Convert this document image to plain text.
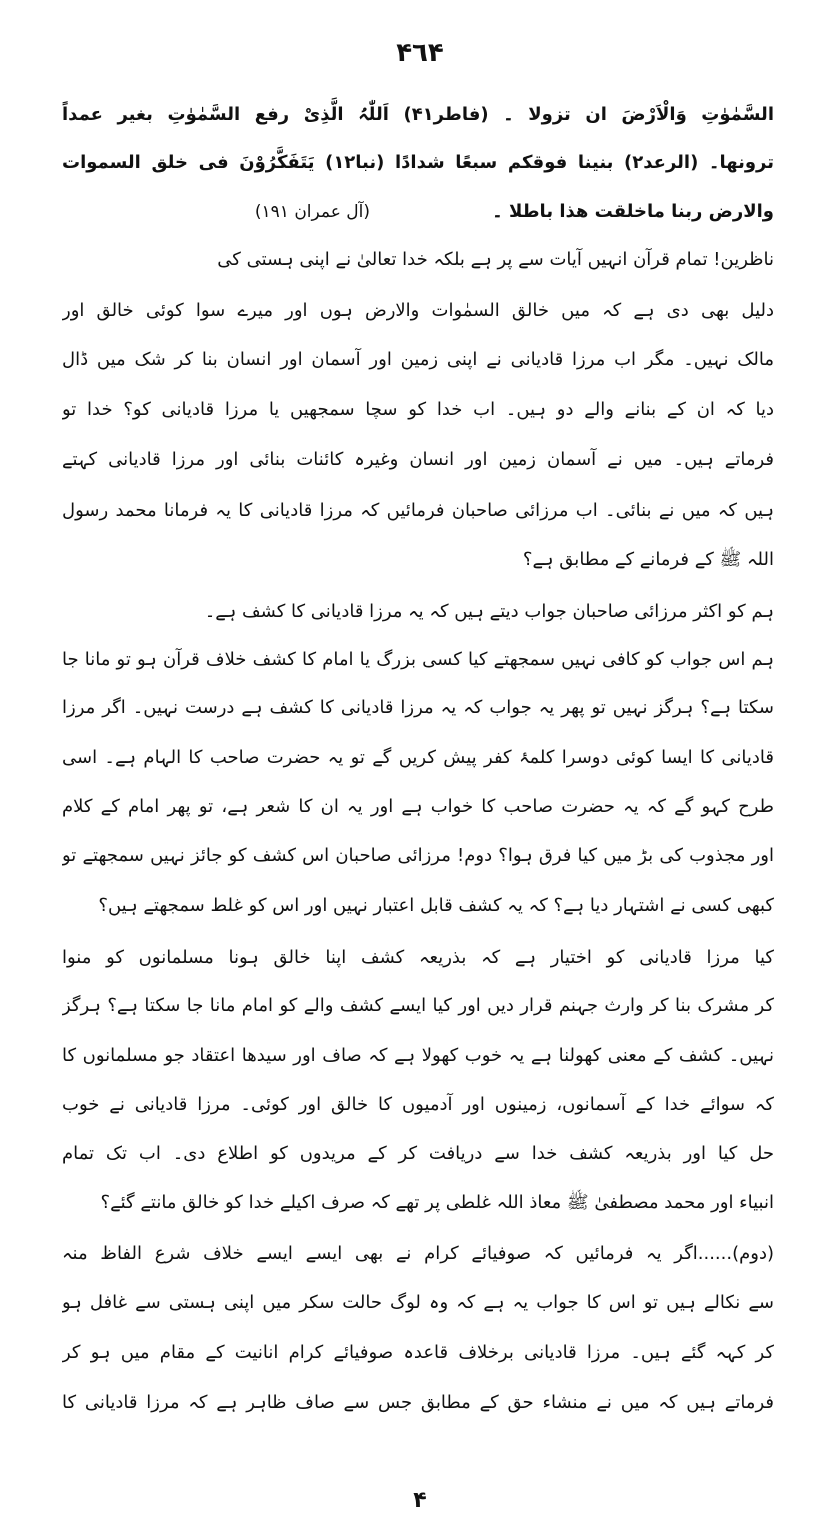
۴٦۴
السَّمٰوٰتِ وَالْاَرْضَ ان تزولا ۔ (فاطر۴۱) اَللّٰہُ الَّذِیْ رفع السَّمٰوٰتِ بغیر عمداً
ترونھا۔ (الرعد۲) بنینا فوقکم سبعًا شدادًا (نبا۱۲) یَتَفَکَّرُوْنَ فی خلق السموات
والارض ربنا ماخلقت ھذا باطلا ۔
(آل عمران ۱۹۱)
ناظرین! تمام قرآن انہیں آیات سے پر ہے بلکہ خدا تعالیٰ نے اپنی ہستی کی
دلیل بھی دی ہے کہ میں خالق السمٰوات والارض ہوں اور میرے سوا کوئی خالق اور
مالک نہیں۔ مگر اب مرزا قادیانی نے اپنی زمین اور آسمان اور انسان بنا کر شک میں ڈال
دیا کہ ان کے بنانے والے دو ہیں۔ اب خدا کو سچا سمجھیں یا مرزا قادیانی کو؟ خدا تو
فرماتے ہیں۔ میں نے آسمان زمین اور انسان وغیرہ کائنات بنائی اور مرزا قادیانی کہتے
ہیں کہ میں نے بنائی۔ اب مرزائی صاحبان فرمائیں کہ مرزا قادیانی کا یہ فرمانا محمد رسول
اللہ ﷺ کے فرمانے کے مطابق ہے؟
ہم کو اکثر مرزائی صاحبان جواب دیتے ہیں کہ یہ مرزا قادیانی کا کشف ہے۔
ہم اس جواب کو کافی نہیں سمجھتے کیا کسی بزرگ یا امام کا کشف خلاف قرآن ہو تو مانا جا
سکتا ہے؟ ہرگز نہیں تو پھر یہ جواب کہ یہ مرزا قادیانی کا کشف ہے درست نہیں۔ اگر مرزا
قادیانی کا ایسا کوئی دوسرا کلمۂ کفر پیش کریں گے تو یہ حضرت صاحب کا الہام ہے۔ اسی
طرح کہو گے کہ یہ حضرت صاحب کا خواب ہے اور یہ ان کا شعر ہے، تو پھر امام کے کلام
اور مجذوب کی بڑ میں کیا فرق ہوا؟ دوم! مرزائی صاحبان اس کشف کو جائز نہیں سمجھتے تو
کبھی کسی نے اشتہار دیا ہے؟ کہ یہ کشف قابل اعتبار نہیں اور اس کو غلط سمجھتے ہیں؟
کیا مرزا قادیانی کو اختیار ہے کہ بذریعہ کشف اپنا خالق ہونا مسلمانوں کو منوا
کر مشرک بنا کر وارث جہنم قرار دیں اور کیا ایسے کشف والے کو امام مانا جا سکتا ہے؟ ہرگز
نہیں۔ کشف کے معنی کھولنا ہے یہ خوب کھولا ہے کہ صاف اور سیدھا اعتقاد جو مسلمانوں کا
کہ سوائے خدا کے آسمانوں، زمینوں اور آدمیوں کا خالق اور کوئی۔ مرزا قادیانی نے خوب
حل کیا اور بذریعہ کشف خدا سے دریافت کر کے مریدوں کو اطلاع دی۔ اب تک تمام
انبیاء اور محمد مصطفیٰ ﷺ معاذ اللہ غلطی پر تھے کہ صرف اکیلے خدا کو خالق مانتے گئے؟
(دوم)......اگر یہ فرمائیں کہ صوفیائے کرام نے بھی ایسے ایسے خلاف شرع الفاظ منہ
سے نکالے ہیں تو اس کا جواب یہ ہے کہ وہ لوگ حالت سکر میں اپنی ہستی سے غافل ہو
کر کہہ گئے ہیں۔ مرزا قادیانی برخلاف قاعدہ صوفیائے کرام انانیت کے مقام میں ہو کر
فرماتے ہیں کہ میں نے منشاء حق کے مطابق جس سے صاف ظاہر ہے کہ مرزا قادیانی کا
۴
